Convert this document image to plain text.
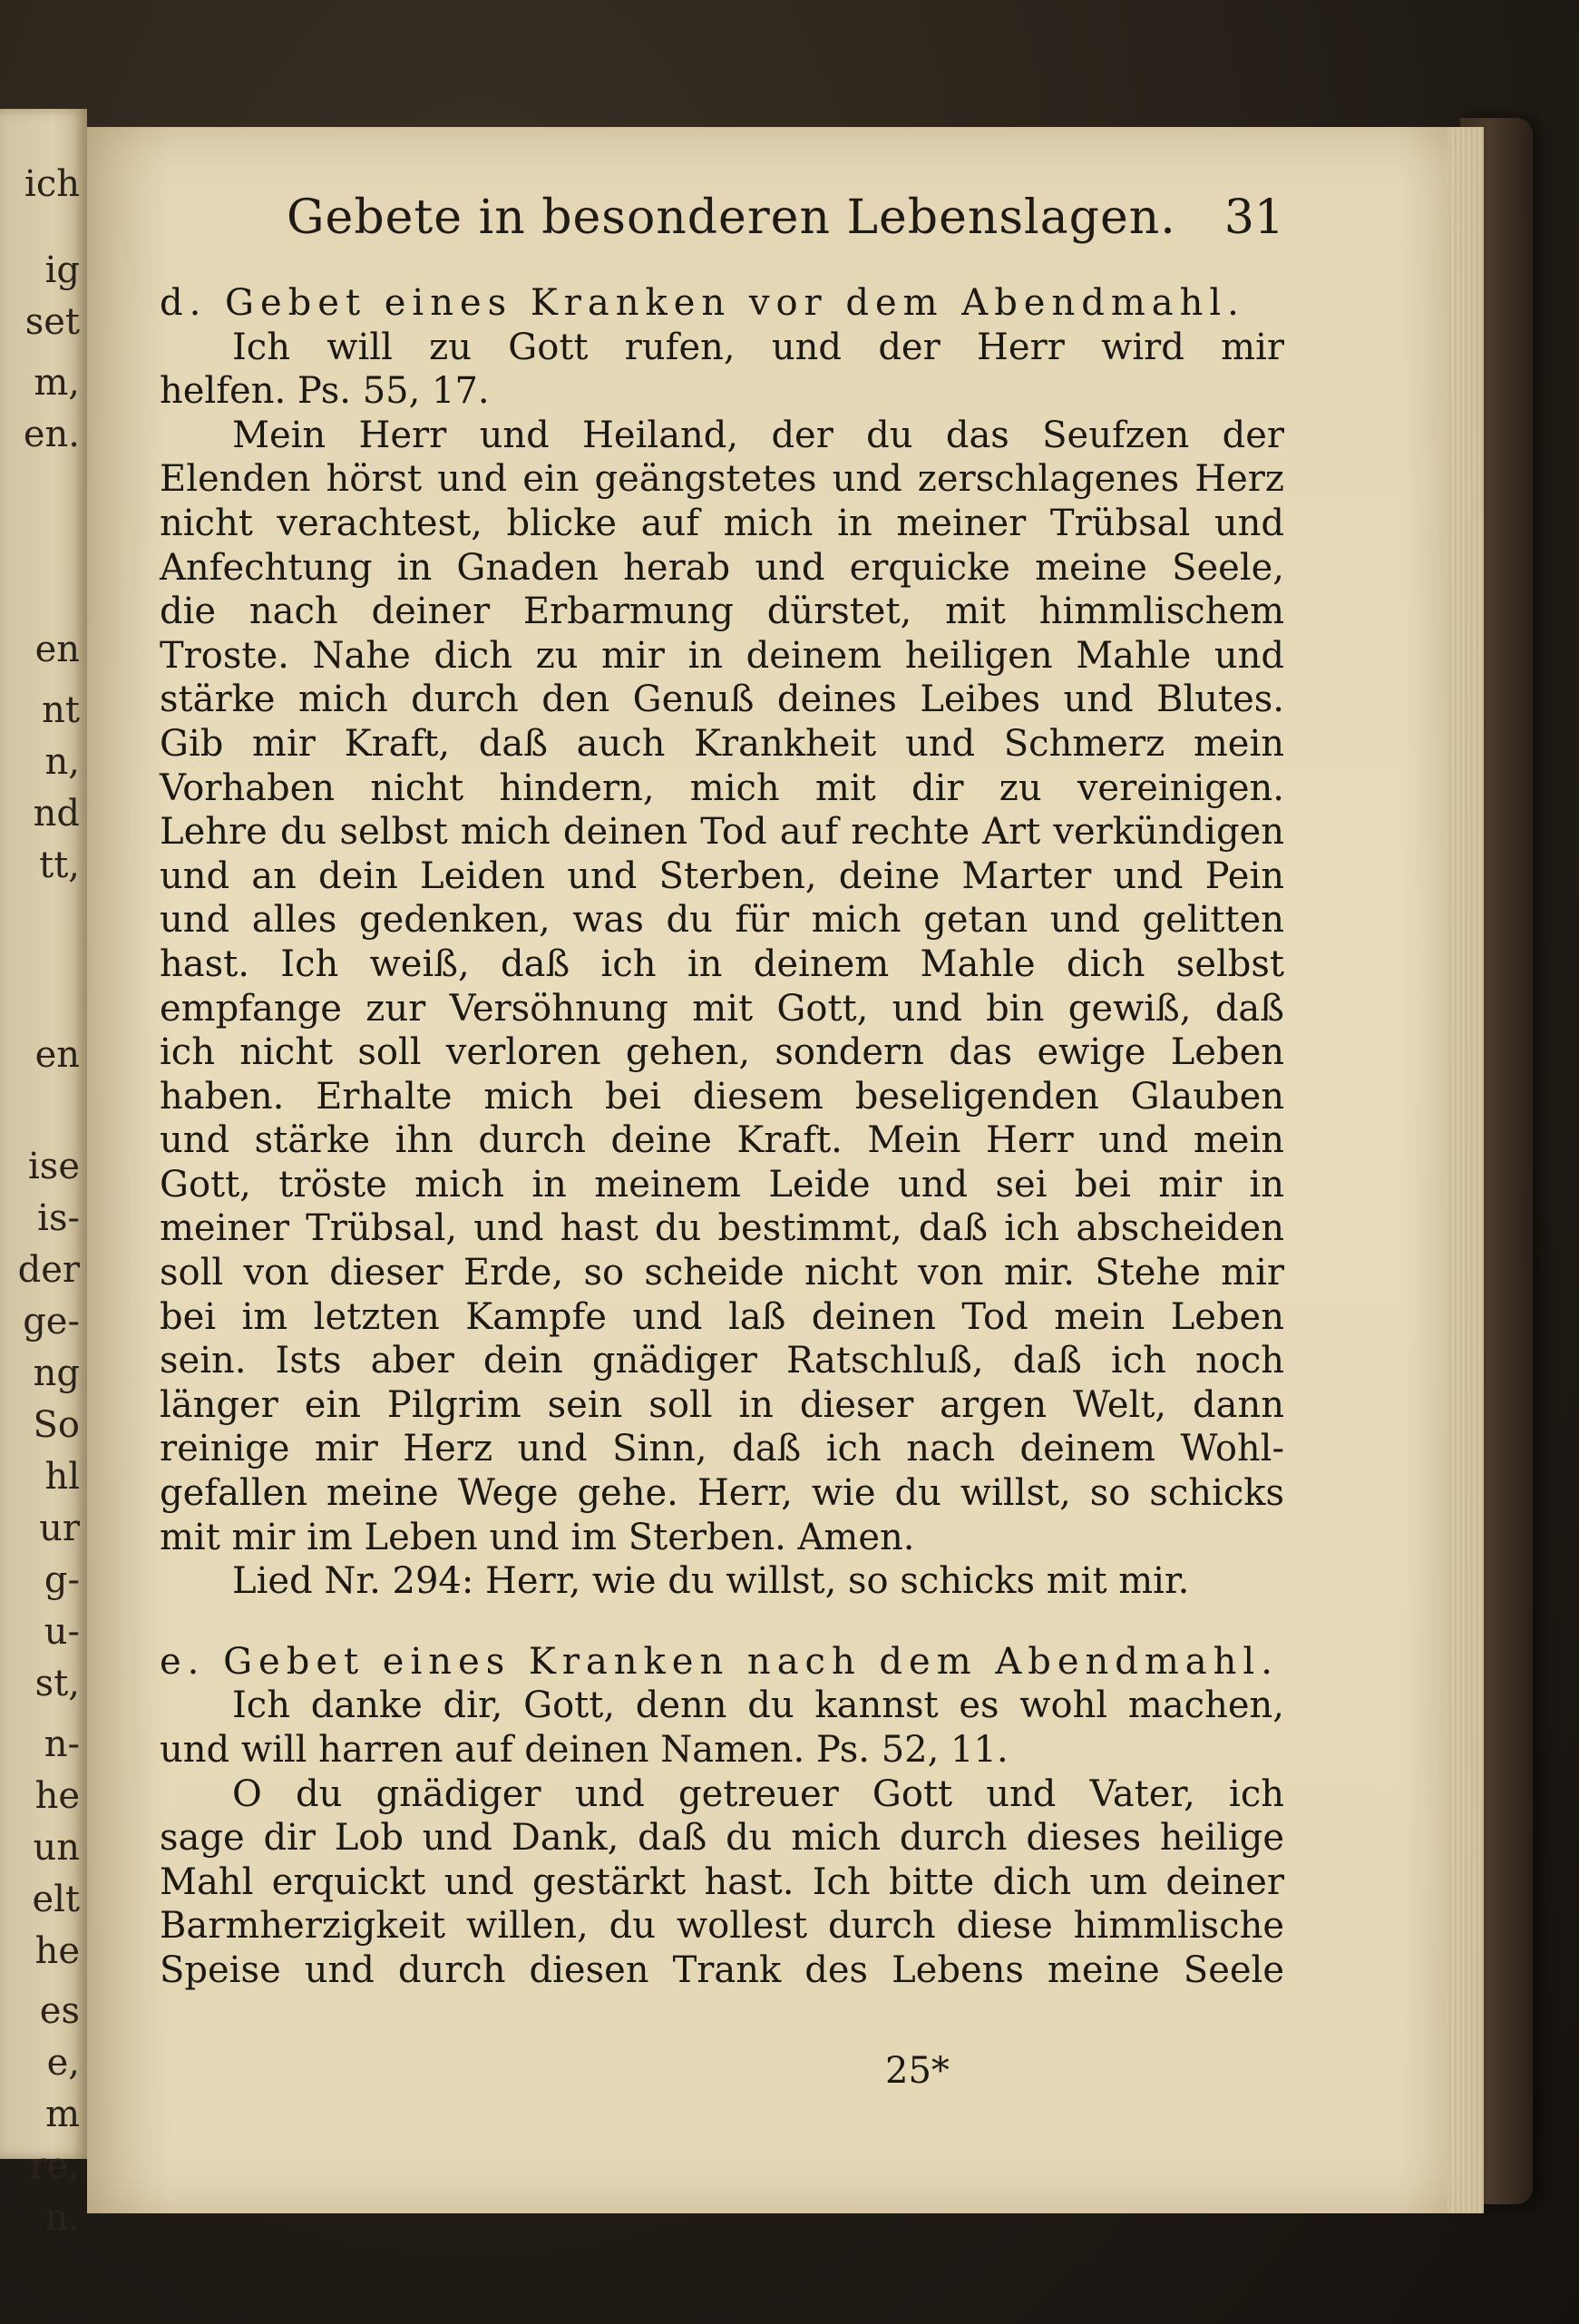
ich
ig
set
m,
en.
en
nt
n,
nd
tt,
en
ise
is-
der
ge-
ng
So
hl
ur
g-
u-
st,
n-
he
un
elt
he
es
e,
m
re,
n.
Gebete in besonderen Lebenslagen. 31
d. Gebet eines Kranken vor dem Abendmahl.
Ich will zu Gott rufen, und der Herr wird mir
helfen. Ps. 55, 17.
Mein Herr und Heiland, der du das Seufzen der
Elenden hörst und ein geängstetes und zerschlagenes Herz
nicht verachtest, blicke auf mich in meiner Trübsal und
Anfechtung in Gnaden herab und erquicke meine Seele,
die nach deiner Erbarmung dürstet, mit himmlischem
Troste. Nahe dich zu mir in deinem heiligen Mahle und
stärke mich durch den Genuß deines Leibes und Blutes.
Gib mir Kraft, daß auch Krankheit und Schmerz mein
Vorhaben nicht hindern, mich mit dir zu vereinigen.
Lehre du selbst mich deinen Tod auf rechte Art verkündigen
und an dein Leiden und Sterben, deine Marter und Pein
und alles gedenken, was du für mich getan und gelitten
hast. Ich weiß, daß ich in deinem Mahle dich selbst
empfange zur Versöhnung mit Gott, und bin gewiß, daß
ich nicht soll verloren gehen, sondern das ewige Leben
haben. Erhalte mich bei diesem beseligenden Glauben
und stärke ihn durch deine Kraft. Mein Herr und mein
Gott, tröste mich in meinem Leide und sei bei mir in
meiner Trübsal, und hast du bestimmt, daß ich abscheiden
soll von dieser Erde, so scheide nicht von mir. Stehe mir
bei im letzten Kampfe und laß deinen Tod mein Leben
sein. Ists aber dein gnädiger Ratschluß, daß ich noch
länger ein Pilgrim sein soll in dieser argen Welt, dann
reinige mir Herz und Sinn, daß ich nach deinem Wohl-
gefallen meine Wege gehe. Herr, wie du willst, so schicks
mit mir im Leben und im Sterben. Amen.
Lied Nr. 294: Herr, wie du willst, so schicks mit mir.
e. Gebet eines Kranken nach dem Abendmahl.
Ich danke dir, Gott, denn du kannst es wohl machen,
und will harren auf deinen Namen. Ps. 52, 11.
O du gnädiger und getreuer Gott und Vater, ich
sage dir Lob und Dank, daß du mich durch dieses heilige
Mahl erquickt und gestärkt hast. Ich bitte dich um deiner
Barmherzigkeit willen, du wollest durch diese himmlische
Speise und durch diesen Trank des Lebens meine Seele
25*
